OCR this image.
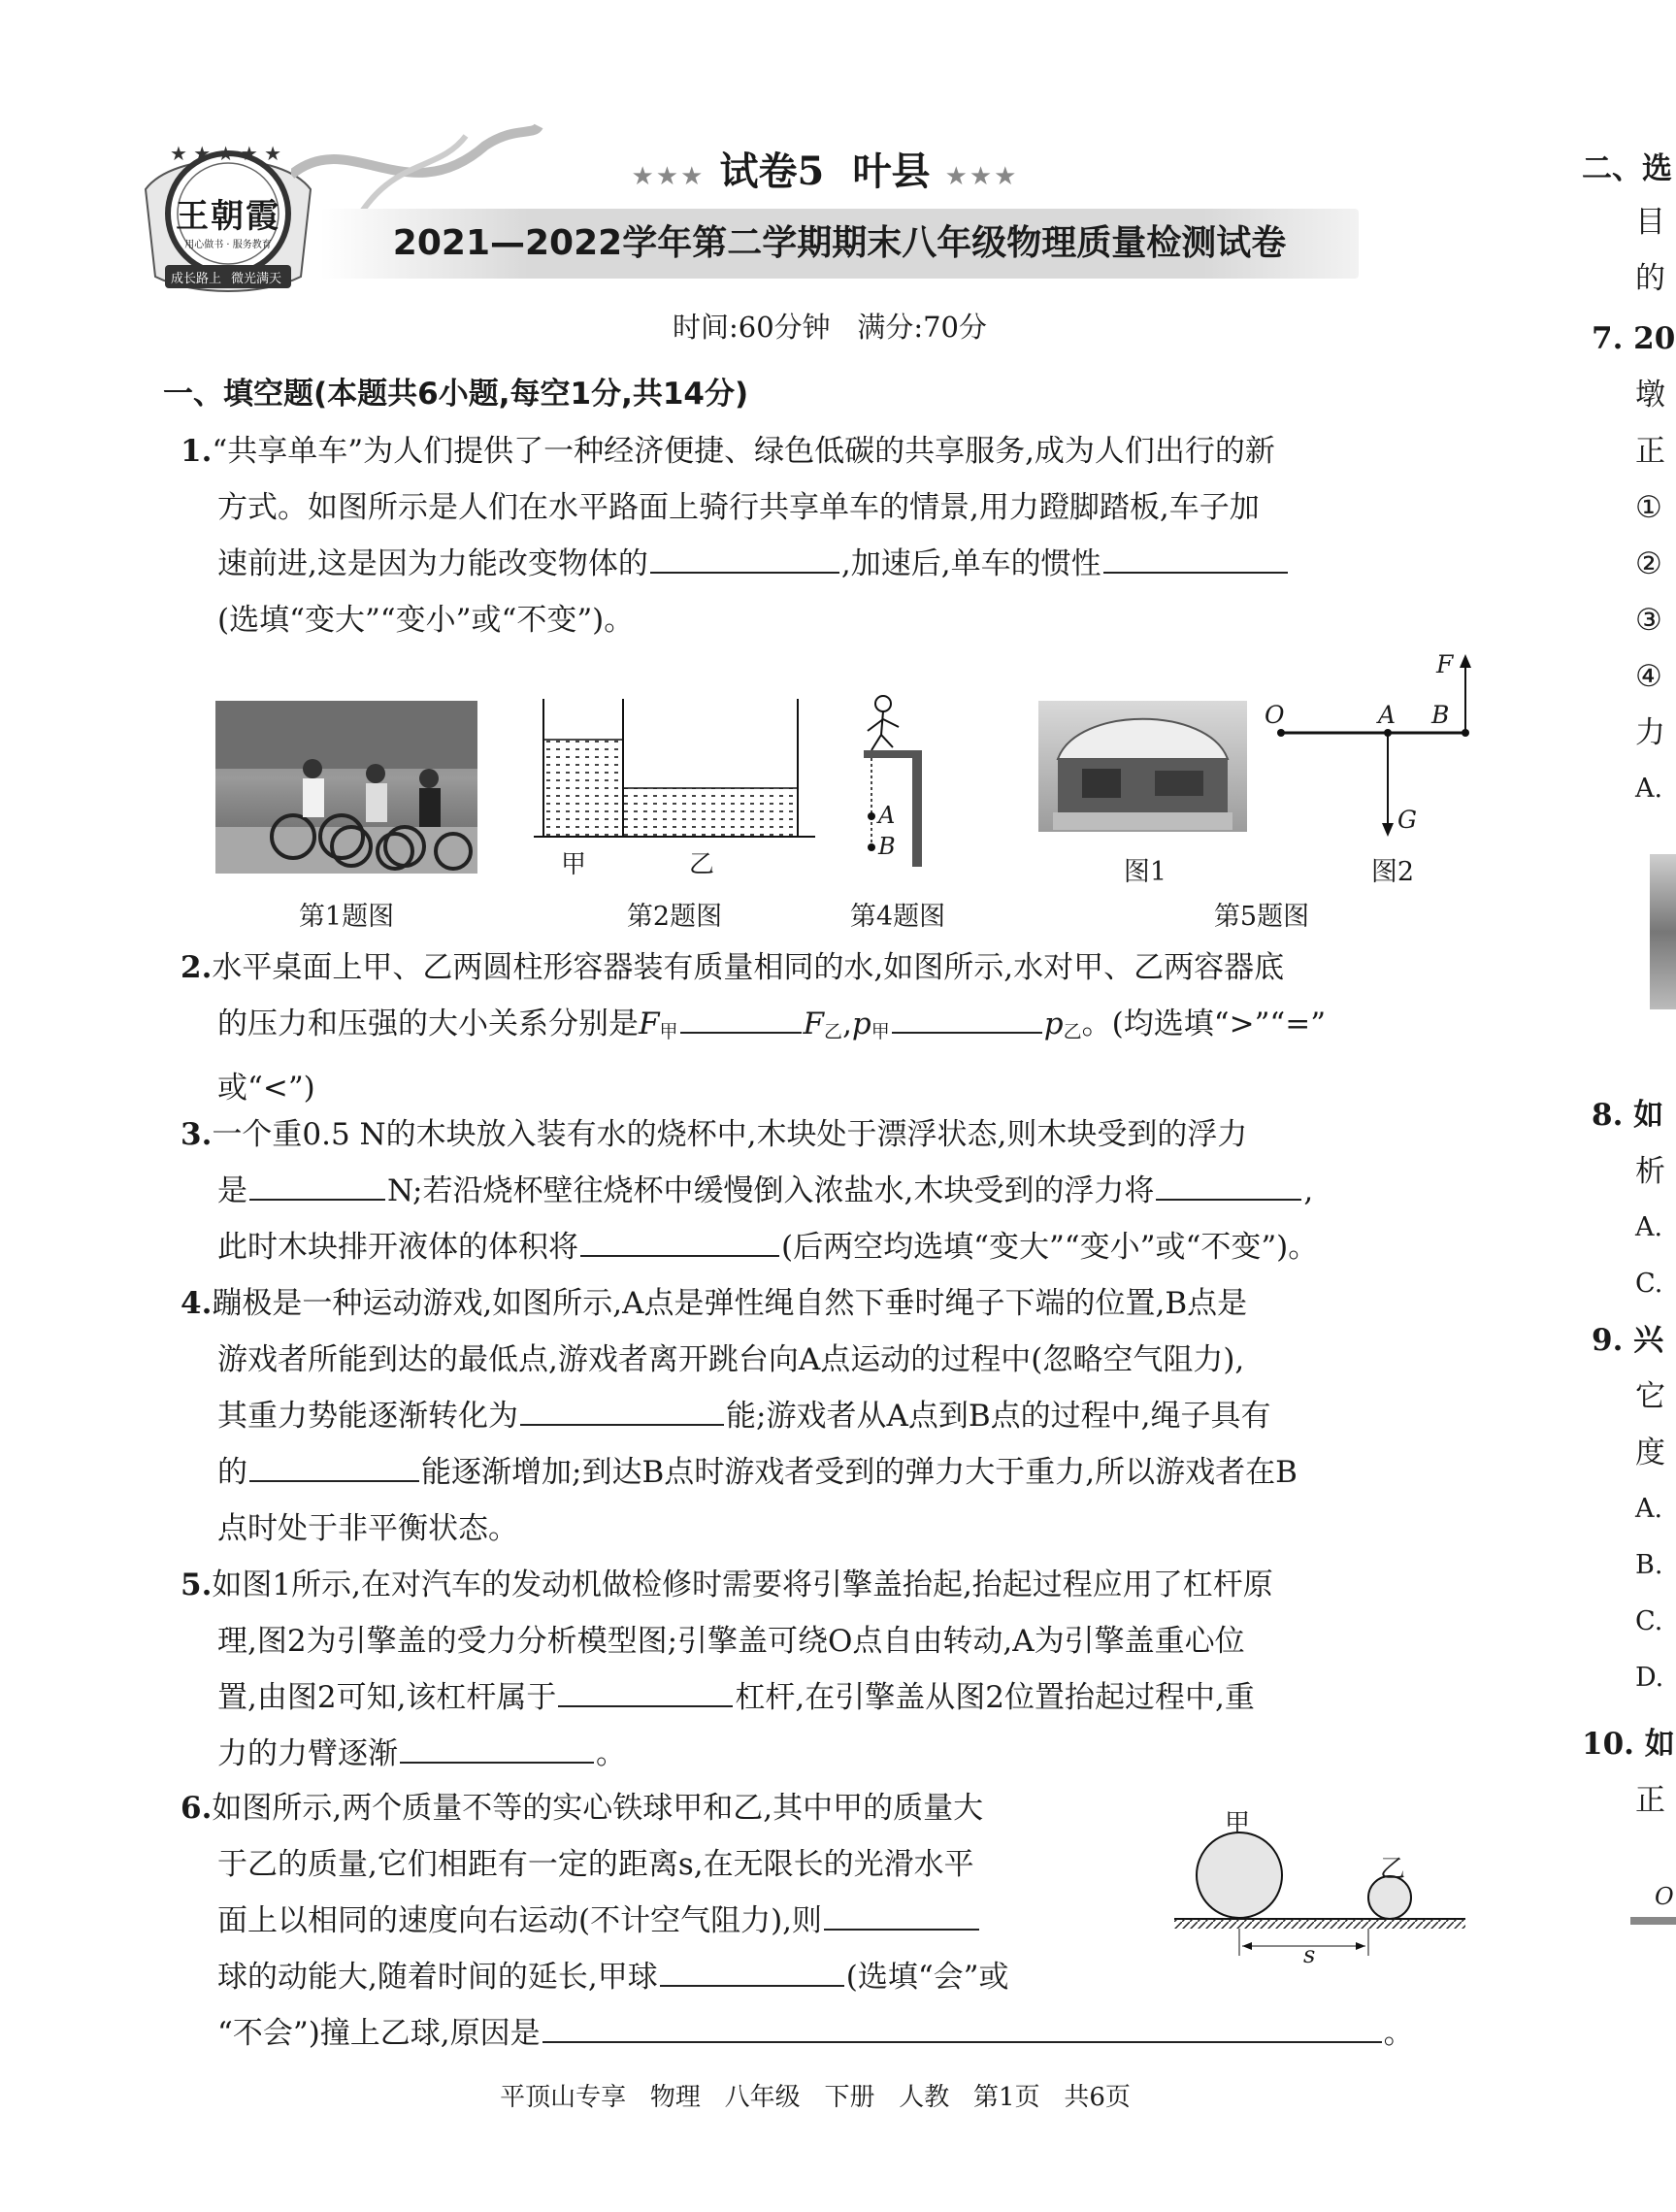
★ ★ ★ ★ ★
王朝霞
用心做书 · 服务教育
成长路上 微光满天
★★★ 试卷5 叶县 ★★★
2021—2022学年第二学期期末八年级物理质量检测试卷
时间:60分钟   满分:70分
一、填空题(本题共6小题,每空1分,共14分)
1.“共享单车”为人们提供了一种经济便捷、绿色低碳的共享服务,成为人们出行的新
方式。如图所示是人们在水平路面上骑行共享单车的情景,用力蹬脚踏板,车子加
速前进,这是因为力能改变物体的	,加速后,单车的惯性
(选填“变大”“变小”或“不变”)。
第1题图
甲	乙
第2题图
A
B
第4题图
O	A B
F
G
图1	图2
第5题图
2.水平桌面上甲、乙两圆柱形容器装有质量相同的水,如图所示,水对甲、乙两容器底
的压力和压强的大小关系分别是$F_甲$	$F_乙,p_甲$	$p_乙$。(均选填“>”“=”
或“<”)
3.一个重0.5 N的木块放入装有水的烧杯中,木块处于漂浮状态,则木块受到的浮力
是	N;若沿烧杯壁往烧杯中缓慢倒入浓盐水,木块受到的浮力将	,
此时木块排开液体的体积将	(后两空均选填“变大”“变小”或“不变”)。
4.蹦极是一种运动游戏,如图所示,A点是弹性绳自然下垂时绳子下端的位置,B点是
游戏者所能到达的最低点,游戏者离开跳台向A点运动的过程中(忽略空气阻力),
其重力势能逐渐转化为	能;游戏者从A点到B点的过程中,绳子具有
的	能逐渐增加;到达B点时游戏者受到的弹力大于重力,所以游戏者在B
点时处于非平衡状态。
5.如图1所示,在对汽车的发动机做检修时需要将引擎盖抬起,抬起过程应用了杠杆原
理,图2为引擎盖的受力分析模型图;引擎盖可绕O点自由转动,A为引擎盖重心位
置,由图2可知,该杠杆属于	杠杆,在引擎盖从图2位置抬起过程中,重
力的力臂逐渐	。
6.如图所示,两个质量不等的实心铁球甲和乙,其中甲的质量大
于乙的质量,它们相距有一定的距离s,在无限长的光滑水平
面上以相同的速度向右运动(不计空气阻力),则
球的动能大,随着时间的延长,甲球	(选填“会”或
“不会”)撞上乙球,原因是	。
甲
乙
s
二、选
目
的
7. 20
墩
正
①
②
③
④
力
A.
8. 如
析
A.
C.
9. 兴
它
度
A.
B.
C.
D.
10. 如
正
O
平顶山专享   物理   八年级   下册   人教   第1页   共6页
